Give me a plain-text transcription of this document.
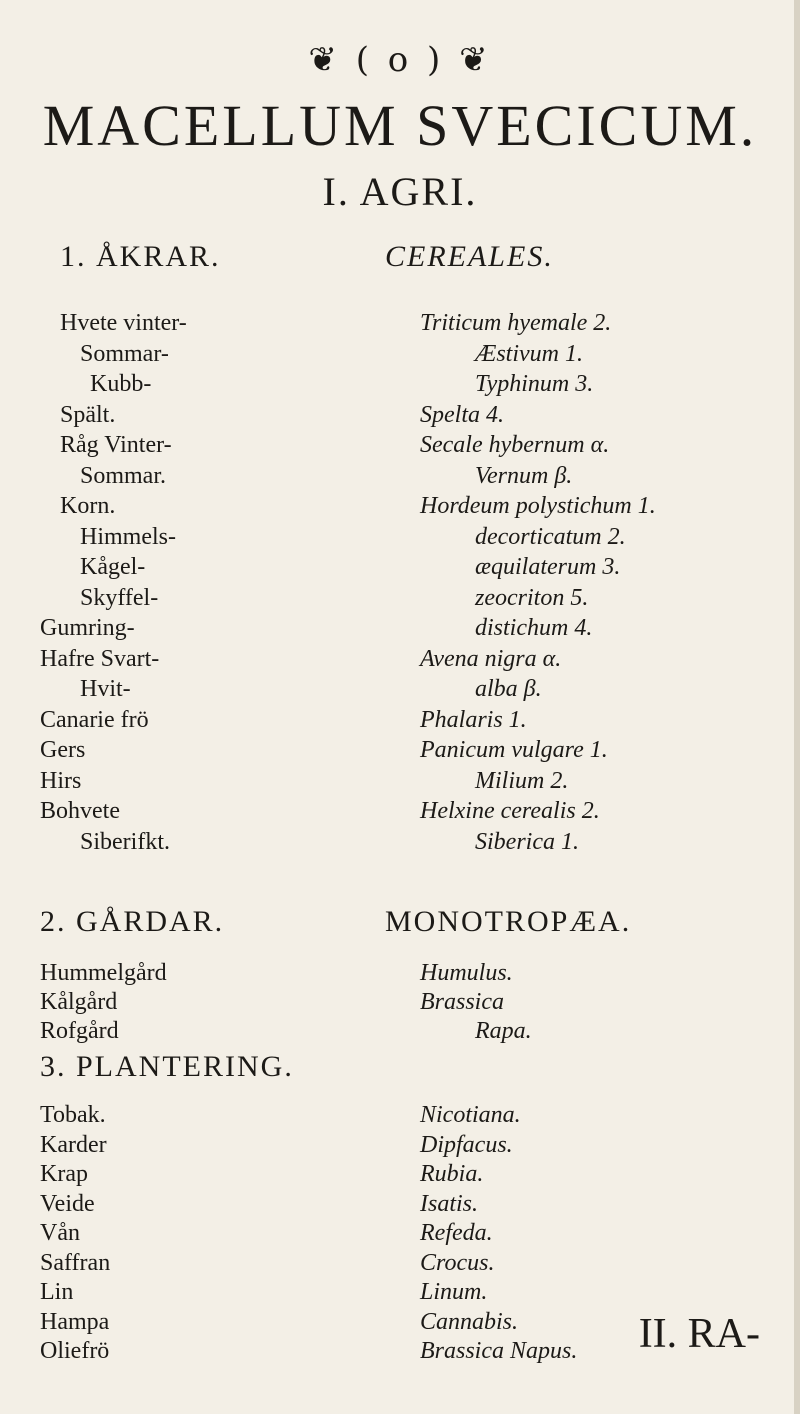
❦ ( o ) ❦
MACELLUM SVECICUM.
I. AGRI.
1. ÅKRAR.	CEREALES.
Hvete vinter-	Triticum hyemale 2.
Sommar-	Æstivum 1.
Kubb-	Typhinum 3.
Spält.	Spelta 4.
Råg Vinter-	Secale hybernum α.
Sommar.	Vernum β.
Korn.	Hordeum polystichum 1.
Himmels-	decorticatum 2.
Kågel-	æquilaterum 3.
Skyffel-	zeocriton 5.
Gumring-	distichum 4.
Hafre Svart-	Avena nigra α.
Hvit-	alba β.
Canarie frö	Phalaris 1.
Gers	Panicum vulgare 1.
Hirs	Milium 2.
Bohvete	Helxine cerealis 2.
Siberifkt.	Siberica 1.
2. GÅRDAR.	MONOTROPÆA.
Hummelgård	Humulus.
Kålgård	Brassica
Rofgård	Rapa.
3. PLANTERING.
Tobak.	Nicotiana.
Karder	Dipfacus.
Krap	Rubia.
Veide	Isatis.
Vån	Refeda.
Saffran	Crocus.
Lin	Linum.
Hampa	Cannabis.
Oliefrö	Brassica Napus. II. RA-
